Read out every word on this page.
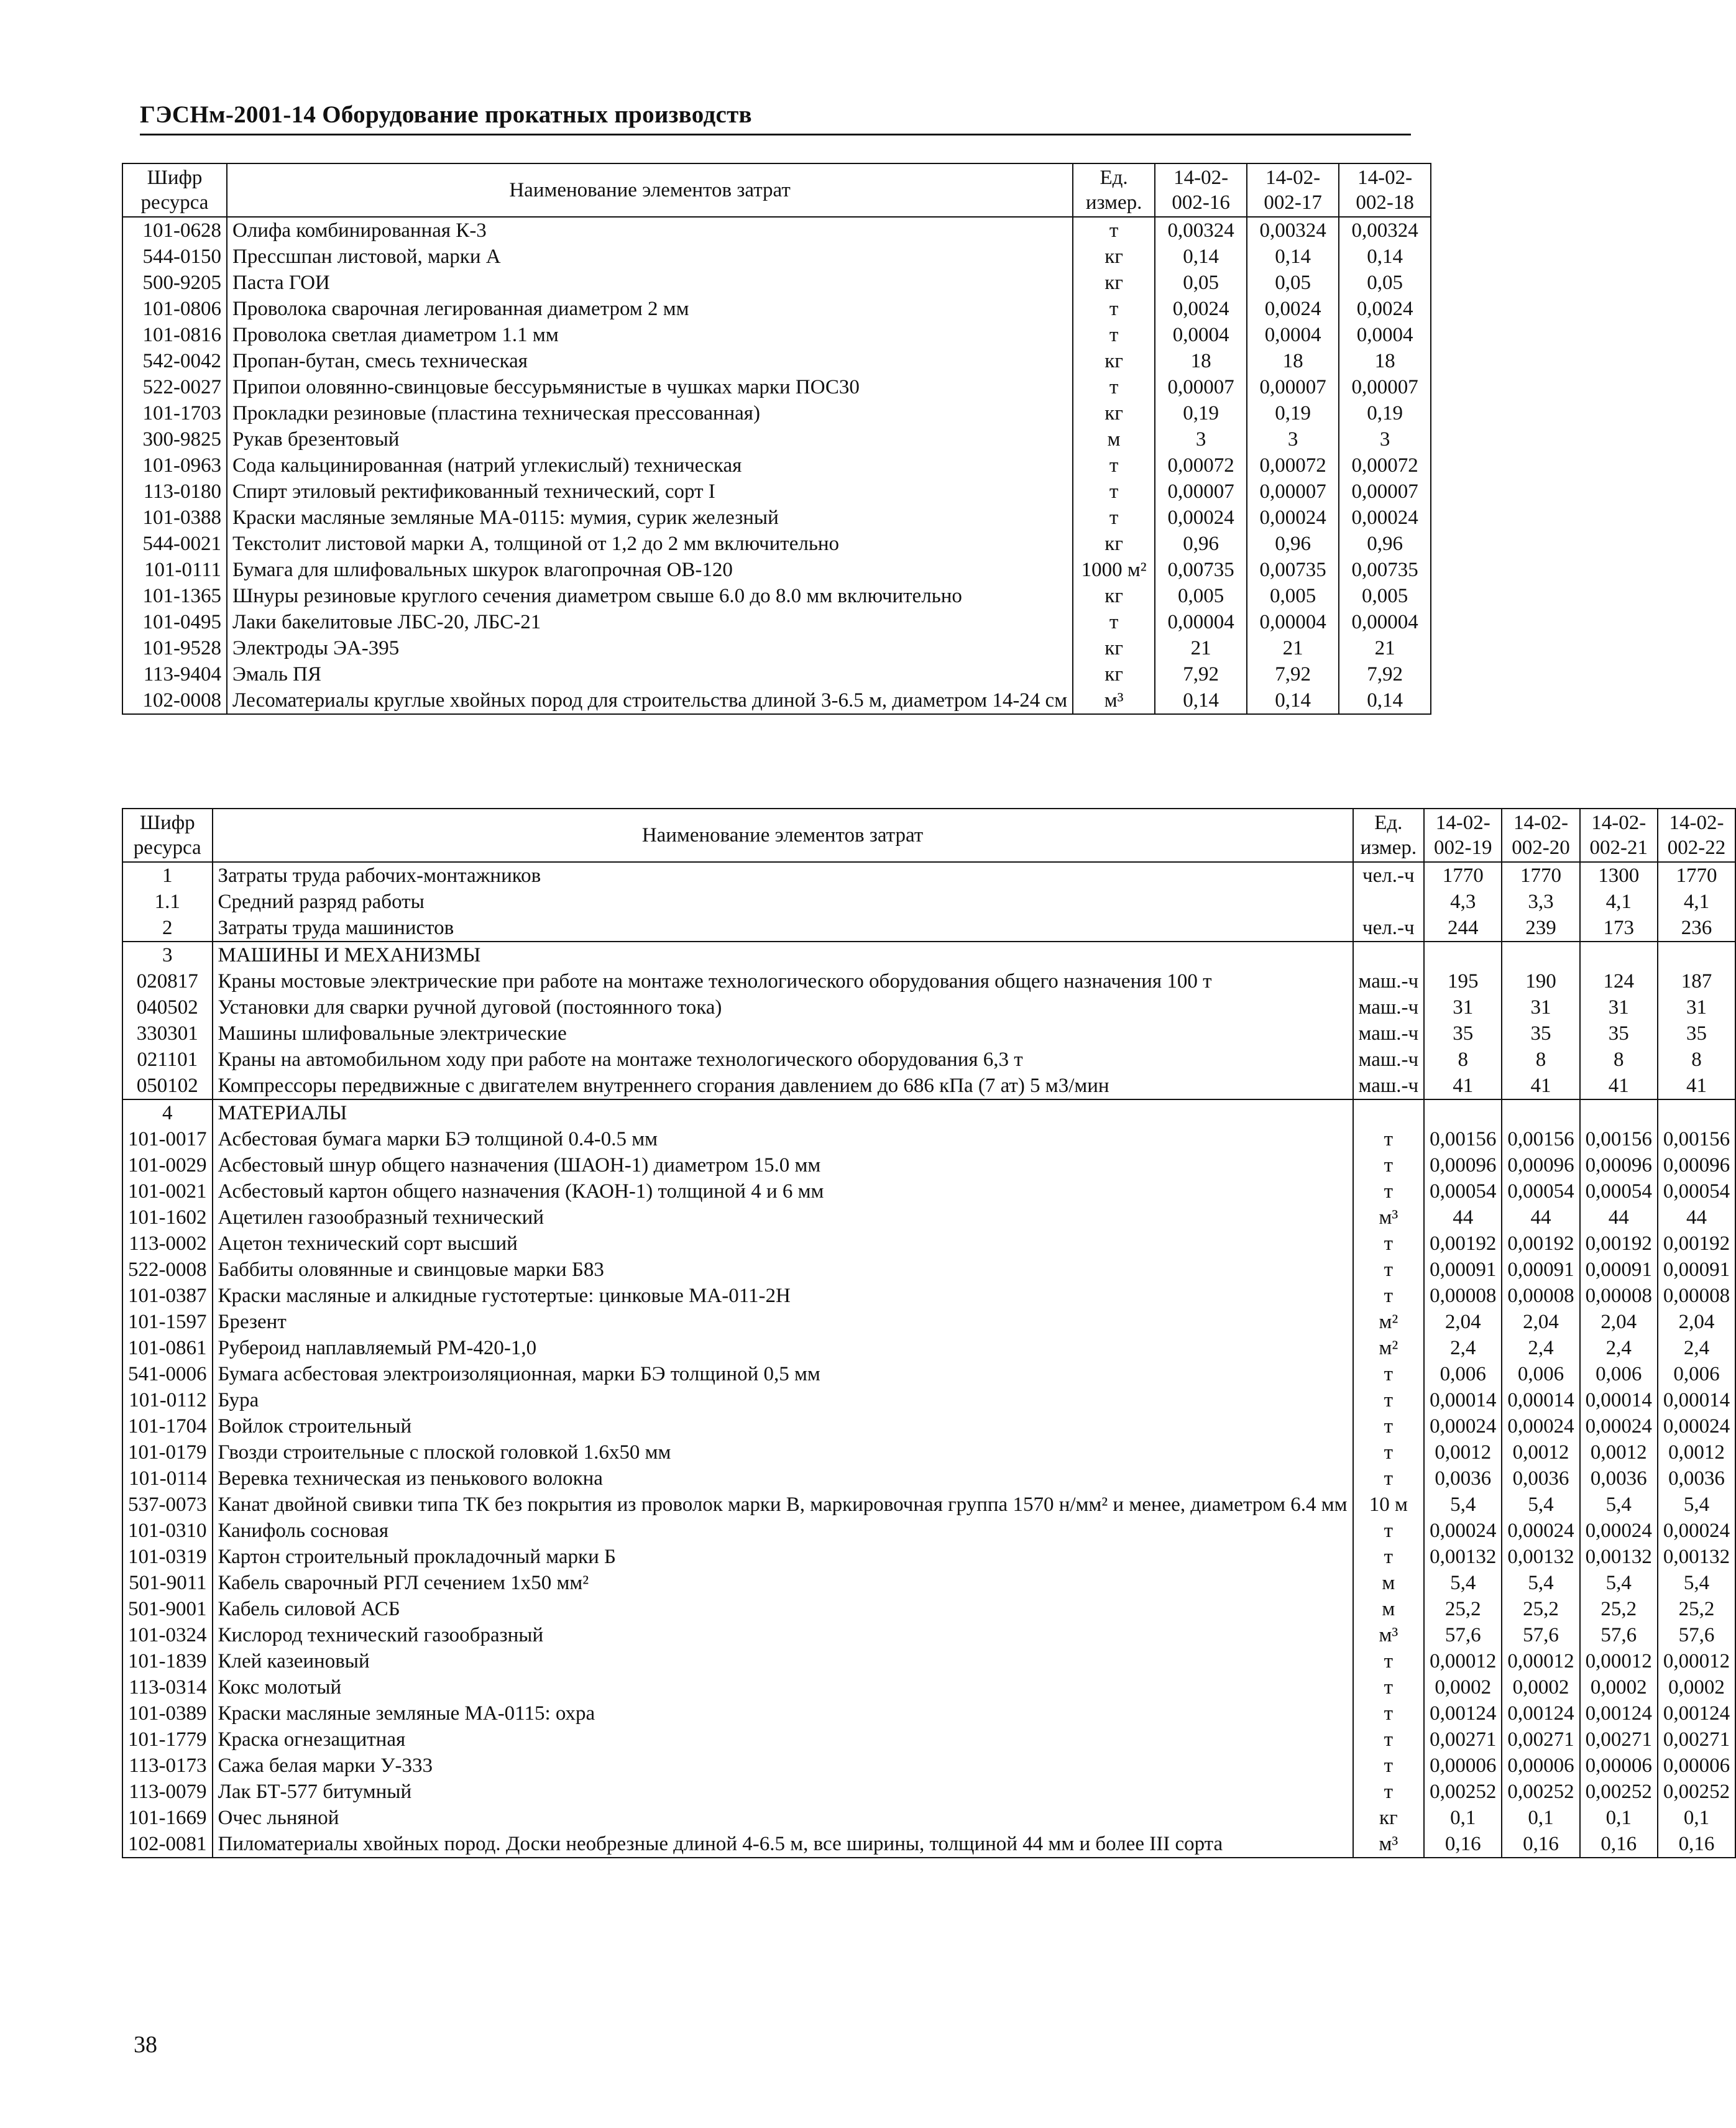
ГЭСНм-2001-14 Оборудование прокатных производств
Шифр
ресурса	Наименование элементов затрат	Ед.
измер.	14-02-
002-16	14-02-
002-17	14-02-
002-18
101-0628	Олифа комбинированная К-3	т	0,00324	0,00324	0,00324
544-0150	Прессшпан листовой, марки А	кг	0,14	0,14	0,14
500-9205	Паста ГОИ	кг	0,05	0,05	0,05
101-0806	Проволока сварочная легированная диаметром 2 мм	т	0,0024	0,0024	0,0024
101-0816	Проволока светлая диаметром 1.1 мм	т	0,0004	0,0004	0,0004
542-0042	Пропан-бутан, смесь техническая	кг	18	18	18
522-0027	Припои оловянно-свинцовые бессурьмянистые в чушках марки ПОС30	т	0,00007	0,00007	0,00007
101-1703	Прокладки резиновые (пластина техническая прессованная)	кг	0,19	0,19	0,19
300-9825	Рукав брезентовый	м	3	3	3
101-0963	Сода кальцинированная (натрий углекислый) техническая	т	0,00072	0,00072	0,00072
113-0180	Спирт этиловый ректификованный технический, сорт I	т	0,00007	0,00007	0,00007
101-0388	Краски масляные земляные МА-0115: мумия, сурик железный	т	0,00024	0,00024	0,00024
544-0021	Текстолит листовой марки А, толщиной от 1,2 до 2 мм включительно	кг	0,96	0,96	0,96
101-0111	Бумага для шлифовальных шкурок влагопрочная ОВ-120	1000 м²	0,00735	0,00735	0,00735
101-1365	Шнуры резиновые круглого сечения диаметром свыше 6.0 до 8.0 мм включительно	кг	0,005	0,005	0,005
101-0495	Лаки бакелитовые ЛБС-20, ЛБС-21	т	0,00004	0,00004	0,00004
101-9528	Электроды ЭА-395	кг	21	21	21
113-9404	Эмаль ПЯ	кг	7,92	7,92	7,92
102-0008	Лесоматериалы круглые хвойных пород для строительства длиной 3-6.5 м, диаметром 14-24 см	м³	0,14	0,14	0,14
Шифр
ресурса	Наименование элементов затрат	Ед.
измер.	14-02-
002-19	14-02-
002-20	14-02-
002-21	14-02-
002-22
1	Затраты труда рабочих-монтажников	чел.-ч	1770	1770	1300	1770
1.1	Средний разряд работы		4,3	3,3	4,1	4,1
2	Затраты труда машинистов	чел.-ч	244	239	173	236
3	МАШИНЫ И МЕХАНИЗМЫ					
020817	Краны мостовые электрические при работе на монтаже технологического оборудования общего назначения 100 т	маш.-ч	195	190	124	187
040502	Установки для сварки ручной дуговой (постоянного тока)	маш.-ч	31	31	31	31
330301	Машины шлифовальные электрические	маш.-ч	35	35	35	35
021101	Краны на автомобильном ходу при работе на монтаже технологического оборудования 6,3 т	маш.-ч	8	8	8	8
050102	Компрессоры передвижные с двигателем внутреннего сгорания давлением до 686 кПа (7 ат) 5 м3/мин	маш.-ч	41	41	41	41
4	МАТЕРИАЛЫ					
101-0017	Асбестовая бумага марки БЭ толщиной 0.4-0.5 мм	т	0,00156	0,00156	0,00156	0,00156
101-0029	Асбестовый шнур общего назначения (ШАОН-1) диаметром 15.0 мм	т	0,00096	0,00096	0,00096	0,00096
101-0021	Асбестовый картон общего назначения (КАОН-1) толщиной 4 и 6 мм	т	0,00054	0,00054	0,00054	0,00054
101-1602	Ацетилен газообразный технический	м³	44	44	44	44
113-0002	Ацетон технический сорт высший	т	0,00192	0,00192	0,00192	0,00192
522-0008	Баббиты оловянные и свинцовые марки Б83	т	0,00091	0,00091	0,00091	0,00091
101-0387	Краски масляные и алкидные густотертые: цинковые МА-011-2Н	т	0,00008	0,00008	0,00008	0,00008
101-1597	Брезент	м²	2,04	2,04	2,04	2,04
101-0861	Рубероид наплавляемый РМ-420-1,0	м²	2,4	2,4	2,4	2,4
541-0006	Бумага асбестовая электроизоляционная, марки БЭ толщиной 0,5 мм	т	0,006	0,006	0,006	0,006
101-0112	Бура	т	0,00014	0,00014	0,00014	0,00014
101-1704	Войлок строительный	т	0,00024	0,00024	0,00024	0,00024
101-0179	Гвозди строительные с плоской головкой 1.6x50 мм	т	0,0012	0,0012	0,0012	0,0012
101-0114	Веревка техническая из пенькового волокна	т	0,0036	0,0036	0,0036	0,0036
537-0073	Канат двойной свивки типа ТК без покрытия из проволок марки В, маркировочная группа 1570 н/мм² и менее, диаметром 6.4 мм	10 м	5,4	5,4	5,4	5,4
101-0310	Канифоль сосновая	т	0,00024	0,00024	0,00024	0,00024
101-0319	Картон строительный прокладочный марки Б	т	0,00132	0,00132	0,00132	0,00132
501-9011	Кабель сварочный РГЛ сечением 1x50 мм²	м	5,4	5,4	5,4	5,4
501-9001	Кабель силовой АСБ	м	25,2	25,2	25,2	25,2
101-0324	Кислород технический газообразный	м³	57,6	57,6	57,6	57,6
101-1839	Клей казеиновый	т	0,00012	0,00012	0,00012	0,00012
113-0314	Кокс молотый	т	0,0002	0,0002	0,0002	0,0002
101-0389	Краски масляные земляные МА-0115: охра	т	0,00124	0,00124	0,00124	0,00124
101-1779	Краска огнезащитная	т	0,00271	0,00271	0,00271	0,00271
113-0173	Сажа белая марки У-333	т	0,00006	0,00006	0,00006	0,00006
113-0079	Лак БТ-577 битумный	т	0,00252	0,00252	0,00252	0,00252
101-1669	Очес льняной	кг	0,1	0,1	0,1	0,1
102-0081	Пиломатериалы хвойных пород. Доски необрезные длиной 4-6.5 м, все ширины, толщиной 44 мм и более III сорта	м³	0,16	0,16	0,16	0,16
38
